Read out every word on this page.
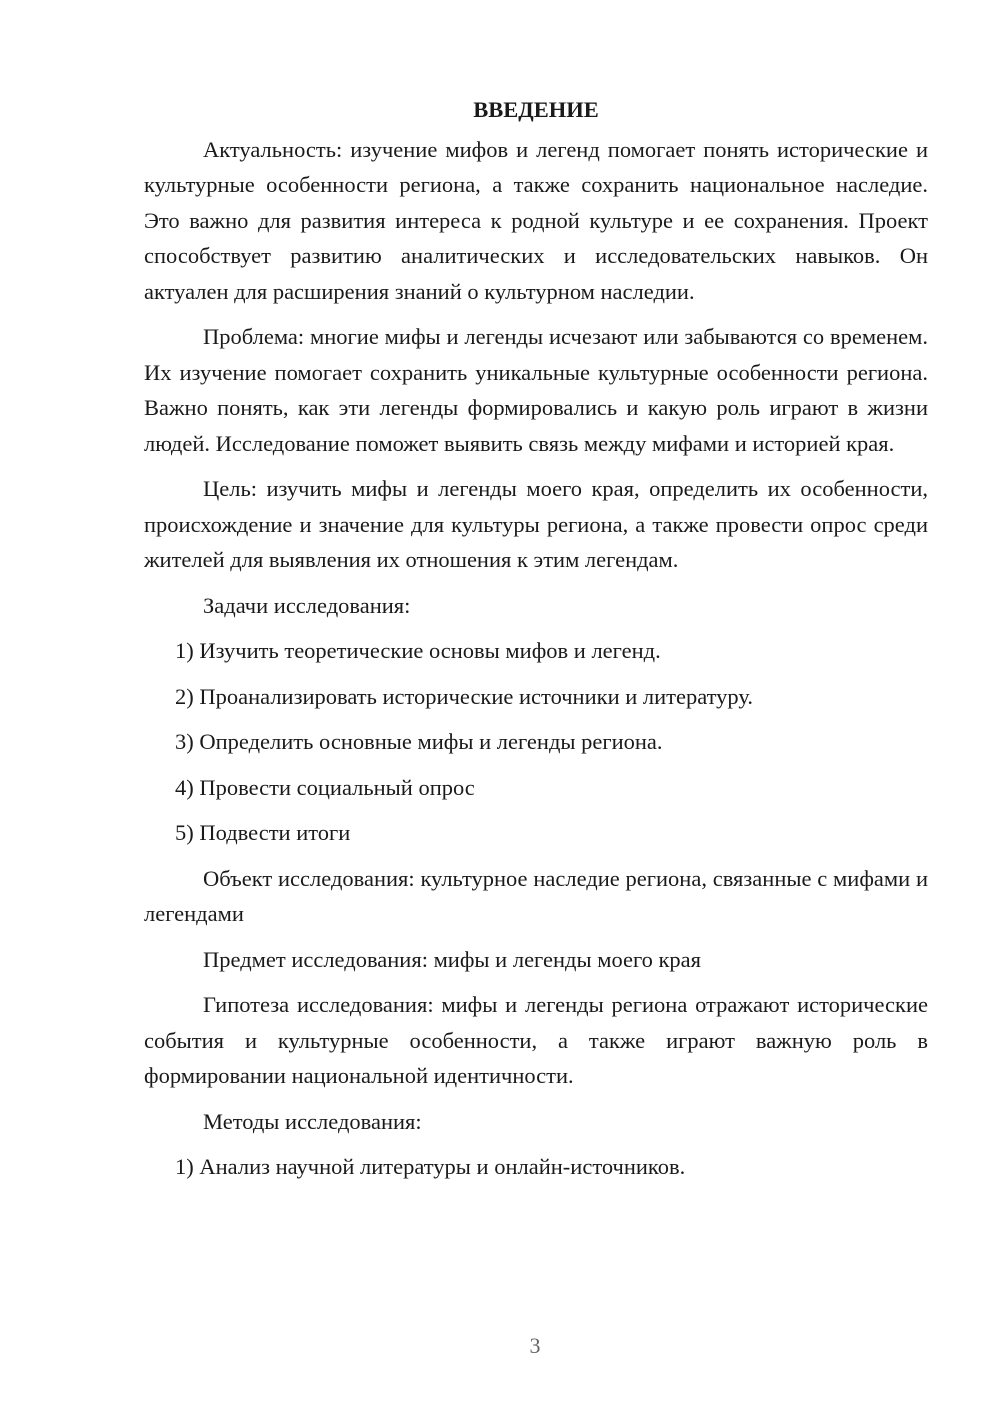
ВВЕДЕНИЕ

Актуальность: изучение мифов и легенд помогает понять исторические и культурные особенности региона, а также сохранить национальное наследие. Это важно для развития интереса к родной культуре и ее сохранения. Проект способствует развитию аналитических и исследовательских навыков. Он актуален для расширения знаний о культурном наследии.

Проблема: многие мифы и легенды исчезают или забываются со временем. Их изучение помогает сохранить уникальные культурные особенности региона. Важно понять, как эти легенды формировались и какую роль играют в жизни людей. Исследование поможет выявить связь между мифами и историей края.

Цель: изучить мифы и легенды моего края, определить их особенности, происхождение и значение для культуры региона, а также провести опрос среди жителей для выявления их отношения к этим легендам.

Задачи исследования:

1) Изучить теоретические основы мифов и легенд.

2) Проанализировать исторические источники и литературу.

3) Определить основные мифы и легенды региона.

4) Провести социальный опрос

5) Подвести итоги

Объект исследования: культурное наследие региона, связанные с мифами и легендами

Предмет исследования: мифы и легенды моего края

Гипотеза исследования: мифы и легенды региона отражают исторические события и культурные особенности, а также играют важную роль в формировании национальной идентичности.

Методы исследования:

1) Анализ научной литературы и онлайн-источников.

3
